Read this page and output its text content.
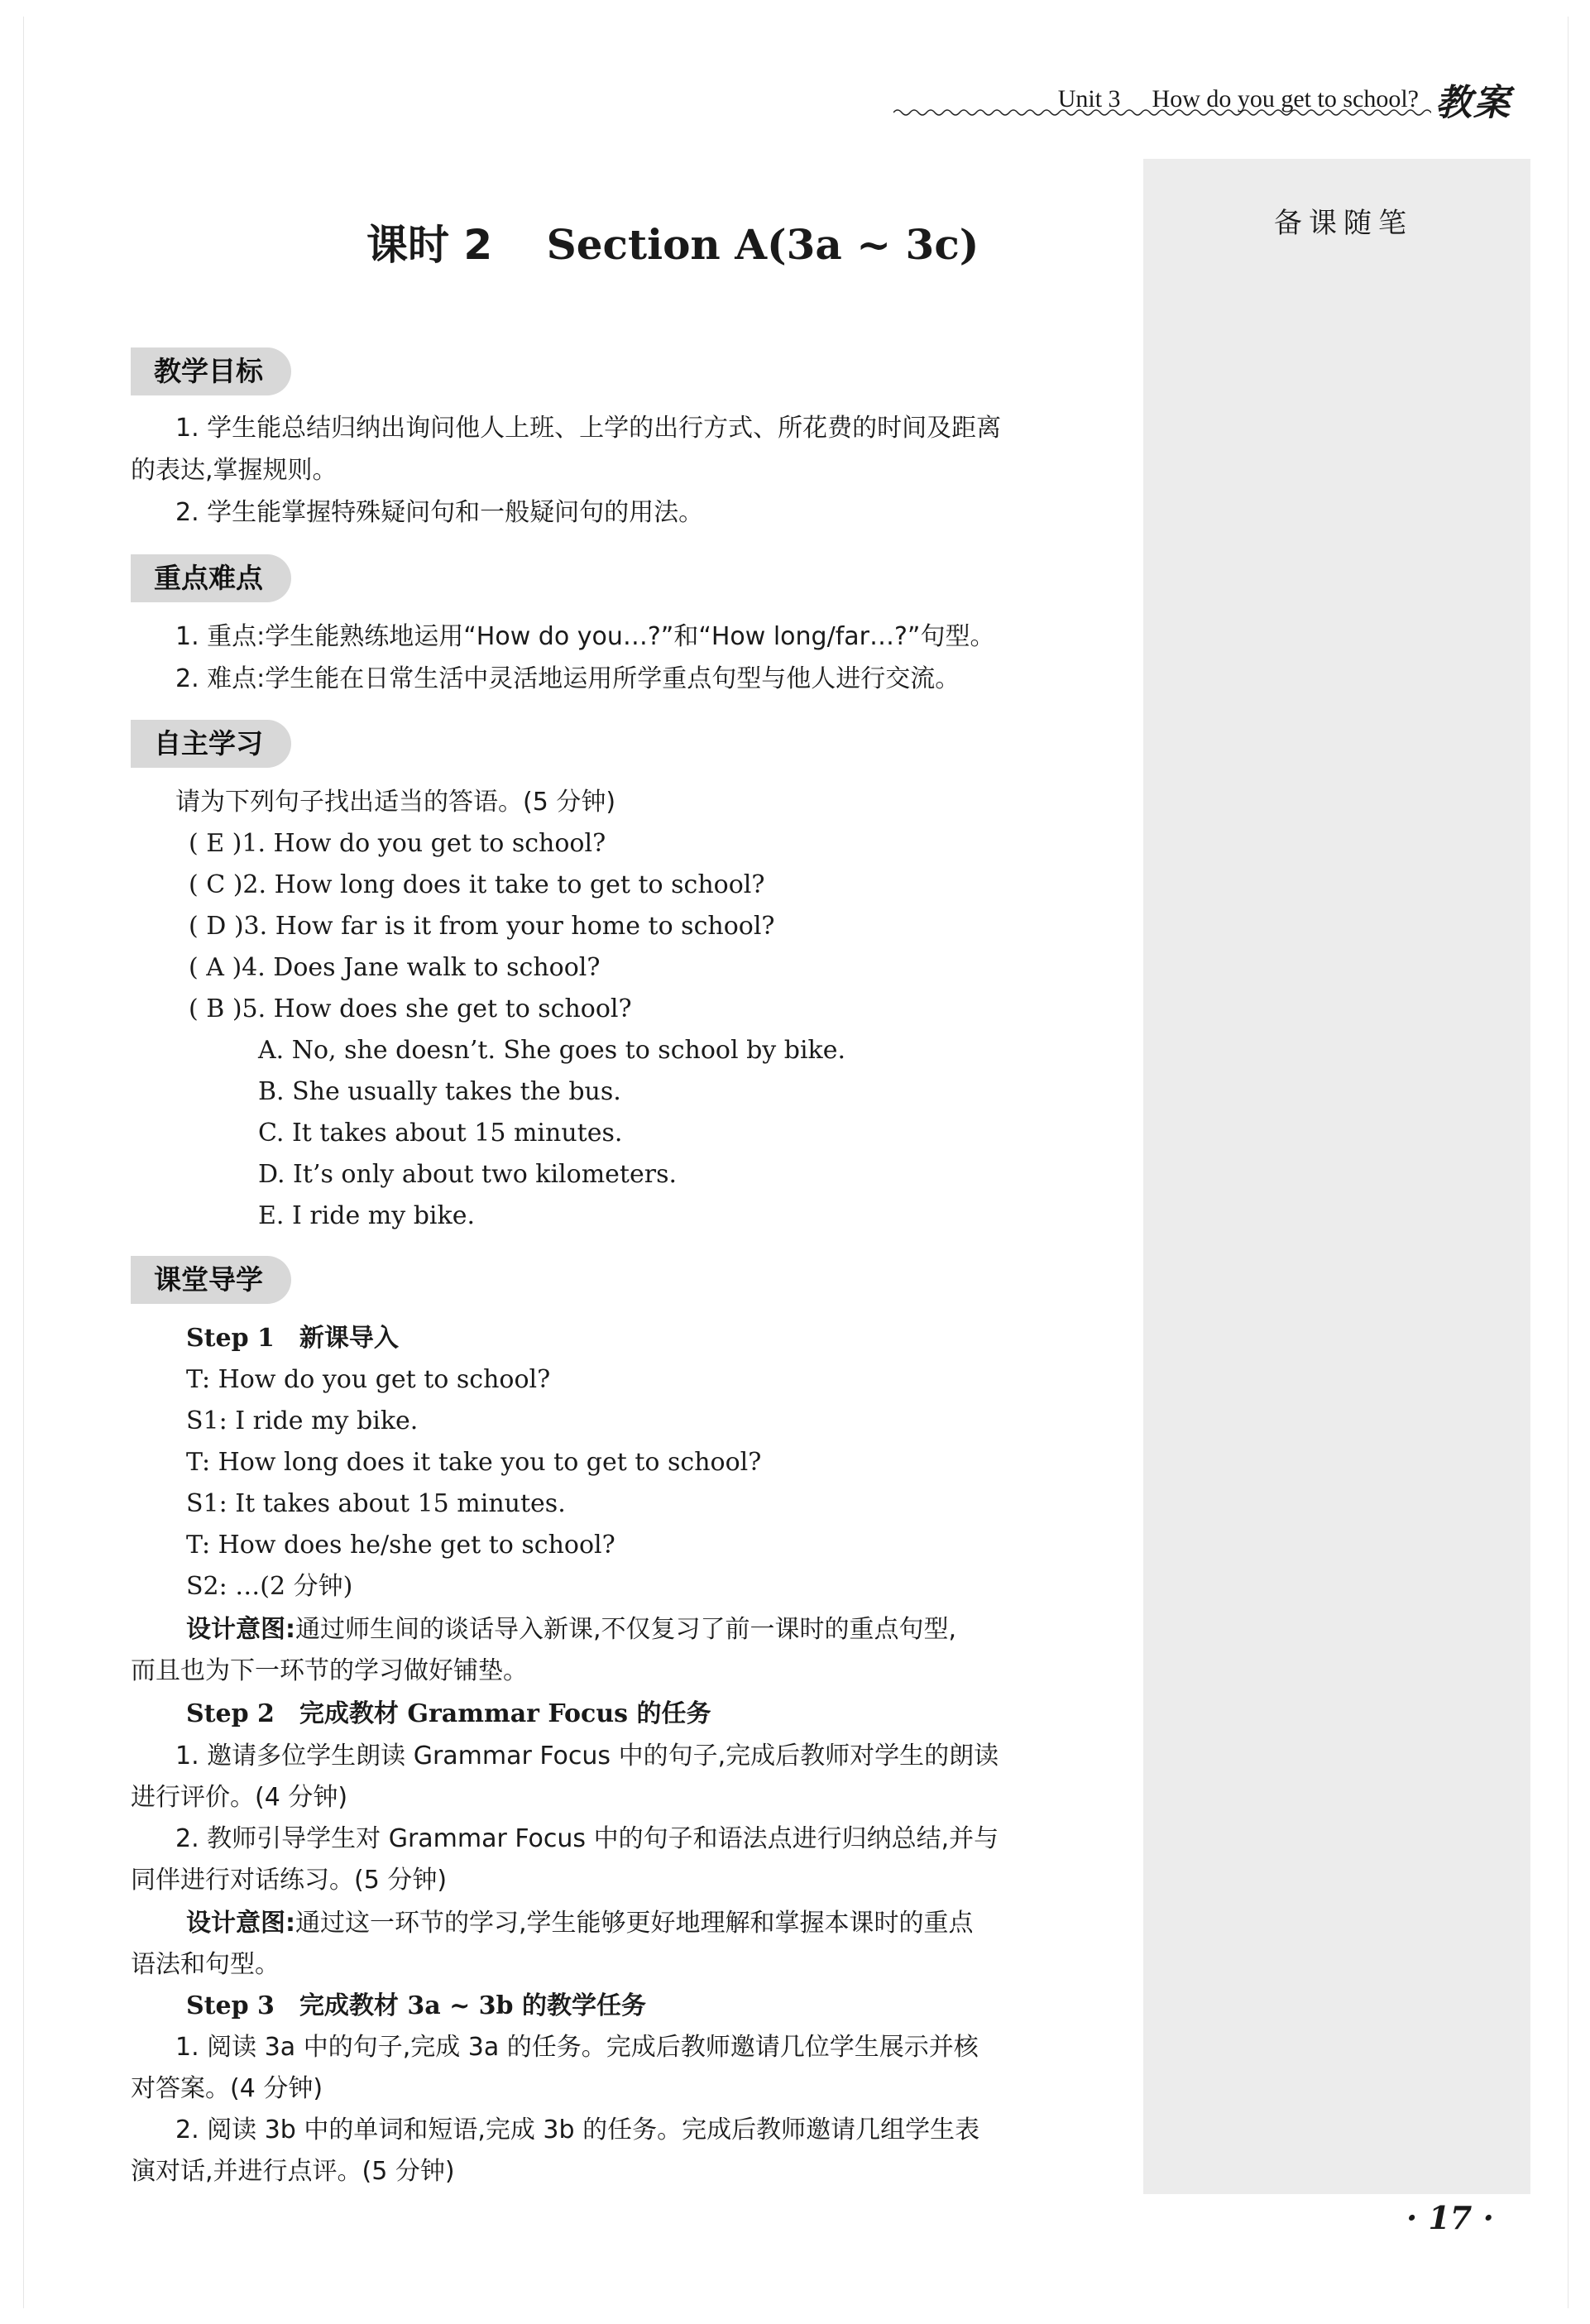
Unit 3 How do you get to school? 教案
备课随笔
课时 2 Section A(3a ~ 3c)
教学目标
1. 学生能总结归纳出询问他人上班、上学的出行方式、所花费的时间及距离
的表达,掌握规则。
2. 学生能掌握特殊疑问句和一般疑问句的用法。
重点难点
1. 重点:学生能熟练地运用“How do you…?”和“How long/far…?”句型。
2. 难点:学生能在日常生活中灵活地运用所学重点句型与他人进行交流。
自主学习
请为下列句子找出适当的答语。(5 分钟)
( E )1. How do you get to school?
( C )2. How long does it take to get to school?
( D )3. How far is it from your home to school?
( A )4. Does Jane walk to school?
( B )5. How does she get to school?
A. No, she doesn’t. She goes to school by bike.
B. She usually takes the bus.
C. It takes about 15 minutes.
D. It’s only about two kilometers.
E. I ride my bike.
课堂导学
Step 1　新课导入
T: How do you get to school?
S1: I ride my bike.
T: How long does it take you to get to school?
S1: It takes about 15 minutes.
T: How does he/she get to school?
S2: …(2 分钟)
设计意图:通过师生间的谈话导入新课,不仅复习了前一课时的重点句型,
而且也为下一环节的学习做好铺垫。
Step 2　完成教材 Grammar Focus 的任务
1. 邀请多位学生朗读 Grammar Focus 中的句子,完成后教师对学生的朗读
进行评价。(4 分钟)
2. 教师引导学生对 Grammar Focus 中的句子和语法点进行归纳总结,并与
同伴进行对话练习。(5 分钟)
设计意图:通过这一环节的学习,学生能够更好地理解和掌握本课时的重点
语法和句型。
Step 3　完成教材 3a ~ 3b 的教学任务
1. 阅读 3a 中的句子,完成 3a 的任务。完成后教师邀请几位学生展示并核
对答案。(4 分钟)
2. 阅读 3b 中的单词和短语,完成 3b 的任务。完成后教师邀请几组学生表
演对话,并进行点评。(5 分钟)
· 17 ·
